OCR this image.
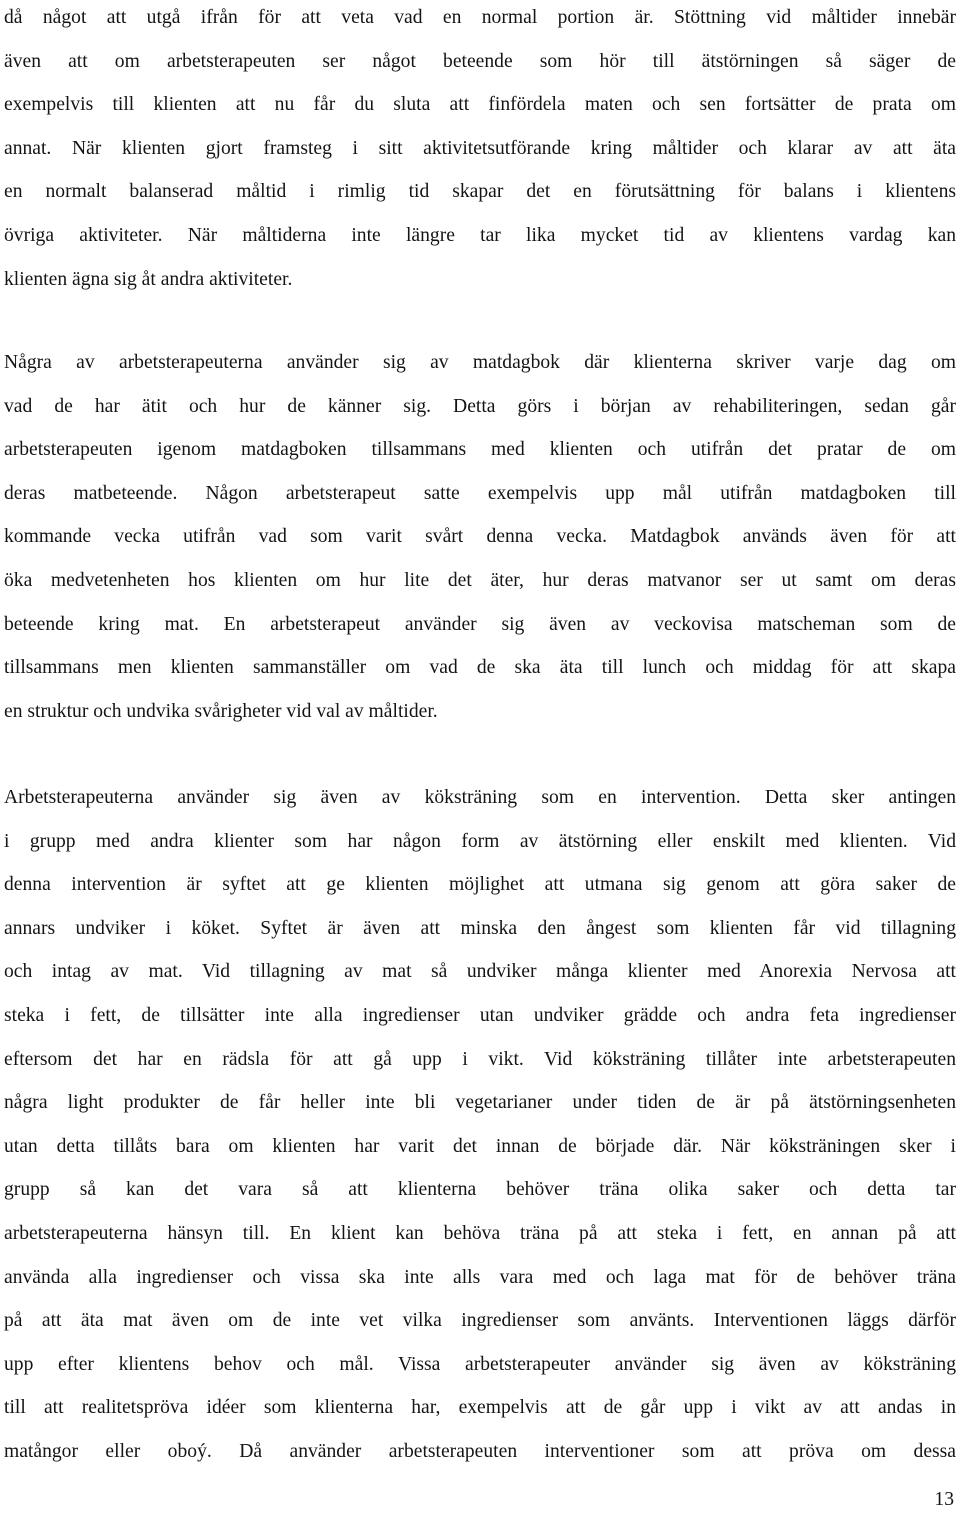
då något att utgå ifrån för att veta vad en normal portion är. Stöttning vid måltider innebär
även att om arbetsterapeuten ser något beteende som hör till ätstörningen så säger de
exempelvis till klienten att nu får du sluta att finfördela maten och sen fortsätter de prata om
annat. När klienten gjort framsteg i sitt aktivitetsutförande kring måltider och klarar av att äta
en normalt balanserad måltid i rimlig tid skapar det en förutsättning för balans i klientens
övriga aktiviteter. När måltiderna inte längre tar lika mycket tid av klientens vardag kan
klienten ägna sig åt andra aktiviteter.
Några av arbetsterapeuterna använder sig av matdagbok där klienterna skriver varje dag om
vad de har ätit och hur de känner sig. Detta görs i början av rehabiliteringen, sedan går
arbetsterapeuten igenom matdagboken tillsammans med klienten och utifrån det pratar de om
deras matbeteende. Någon arbetsterapeut satte exempelvis upp mål utifrån matdagboken till
kommande vecka utifrån vad som varit svårt denna vecka. Matdagbok används även för att
öka medvetenheten hos klienten om hur lite det äter, hur deras matvanor ser ut samt om deras
beteende kring mat. En arbetsterapeut använder sig även av veckovisa matscheman som de
tillsammans men klienten sammanställer om vad de ska äta till lunch och middag för att skapa
en struktur och undvika svårigheter vid val av måltider.
Arbetsterapeuterna använder sig även av köksträning som en intervention. Detta sker antingen
i grupp med andra klienter som har någon form av ätstörning eller enskilt med klienten. Vid
denna intervention är syftet att ge klienten möjlighet att utmana sig genom att göra saker de
annars undviker i köket. Syftet är även att minska den ångest som klienten får vid tillagning
och intag av mat. Vid tillagning av mat så undviker många klienter med Anorexia Nervosa att
steka i fett, de tillsätter inte alla ingredienser utan undviker grädde och andra feta ingredienser
eftersom det har en rädsla för att gå upp i vikt. Vid köksträning tillåter inte arbetsterapeuten
några light produkter de får heller inte bli vegetarianer under tiden de är på ätstörningsenheten
utan detta tillåts bara om klienten har varit det innan de började där. När köksträningen sker i
grupp så kan det vara så att klienterna behöver träna olika saker och detta tar
arbetsterapeuterna hänsyn till. En klient kan behöva träna på att steka i fett, en annan på att
använda alla ingredienser och vissa ska inte alls vara med och laga mat för de behöver träna
på att äta mat även om de inte vet vilka ingredienser som använts. Interventionen läggs därför
upp efter klientens behov och mål. Vissa arbetsterapeuter använder sig även av köksträning
till att realitetspröva idéer som klienterna har, exempelvis att de går upp i vikt av att andas in
matångor eller oboý. Då använder arbetsterapeuten interventioner som att pröva om dessa
13
